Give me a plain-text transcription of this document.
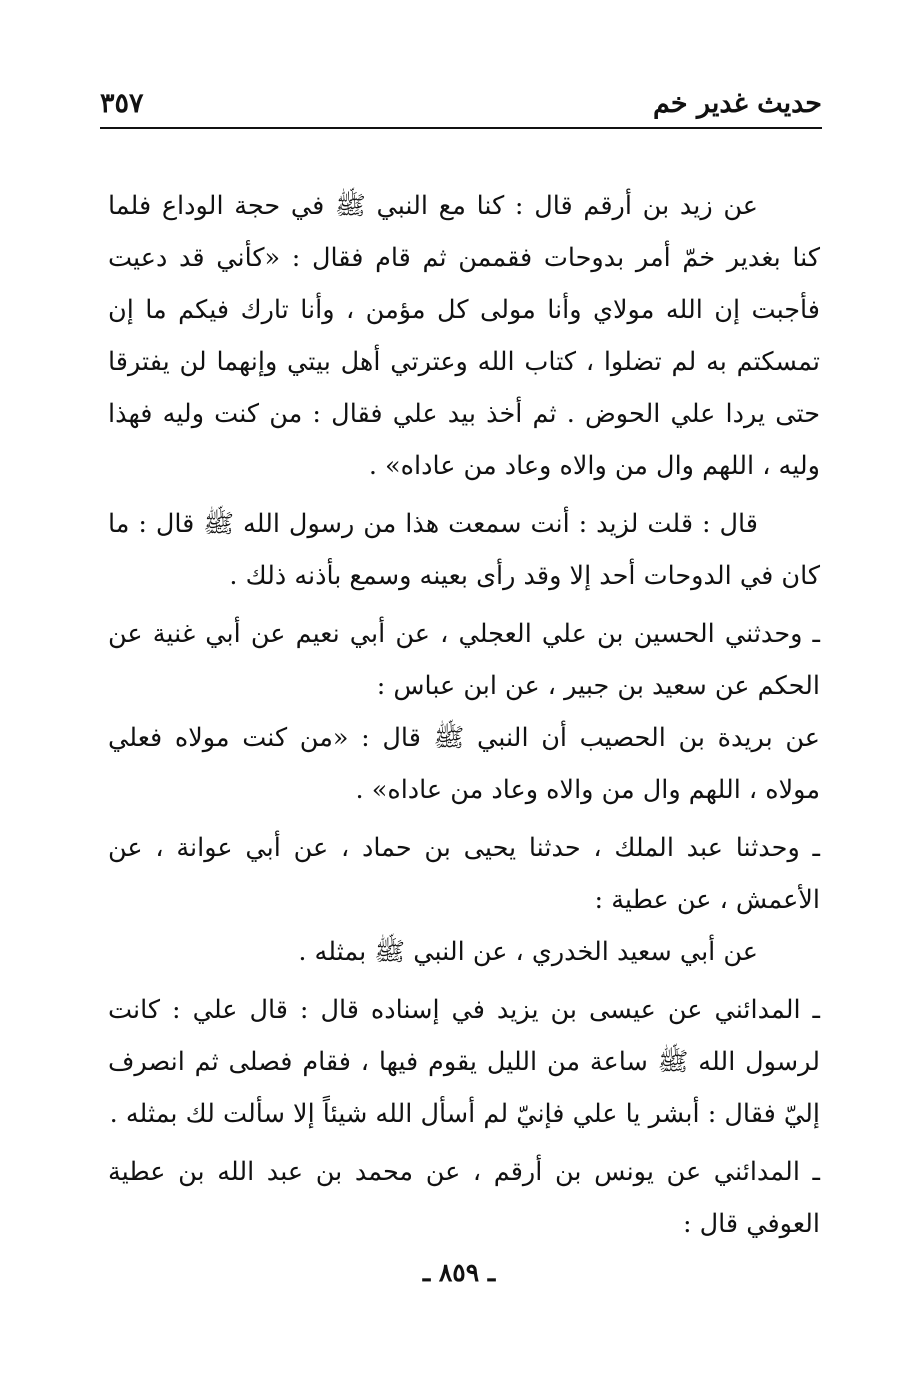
حديث غدير خم
٣٥٧

عن زيد بن أرقم قال : كنا مع النبي ﷺ في حجة الوداع فلما كنا بغدير خمّ أمر بدوحات فقممن ثم قام فقال : «كأني قد دعيت فأجبت إن الله مولاي وأنا مولى كل مؤمن ، وأنا تارك فيكم ما إن تمسكتم به لم تضلوا ، كتاب الله وعترتي أهل بيتي وإنهما لن يفترقا حتى يردا علي الحوض . ثم أخذ بيد علي فقال : من كنت وليه فهذا وليه ، اللهم وال من والاه وعاد من عاداه» .

قال : قلت لزيد : أنت سمعت هذا من رسول الله ﷺ قال : ما كان في الدوحات أحد إلا وقد رأى بعينه وسمع بأذنه ذلك .

ـ وحدثني الحسين بن علي العجلي ، عن أبي نعيم عن أبي غنية عن الحكم عن سعيد بن جبير ، عن ابن عباس :

عن بريدة بن الحصيب أن النبي ﷺ قال : «من كنت مولاه فعلي مولاه ، اللهم وال من والاه وعاد من عاداه» .

ـ وحدثنا عبد الملك ، حدثنا يحيى بن حماد ، عن أبي عوانة ، عن الأعمش ، عن عطية :

عن أبي سعيد الخدري ، عن النبي ﷺ بمثله .

ـ المدائني عن عيسى بن يزيد في إسناده قال : قال علي : كانت لرسول الله ﷺ ساعة من الليل يقوم فيها ، فقام فصلى ثم انصرف إليّ فقال : أبشر يا علي فإنيّ لم أسأل الله شيئاً إلا سألت لك بمثله .

ـ المدائني عن يونس بن أرقم ، عن محمد بن عبد الله بن عطية العوفي قال :

ـ ٨٥٩ ـ
